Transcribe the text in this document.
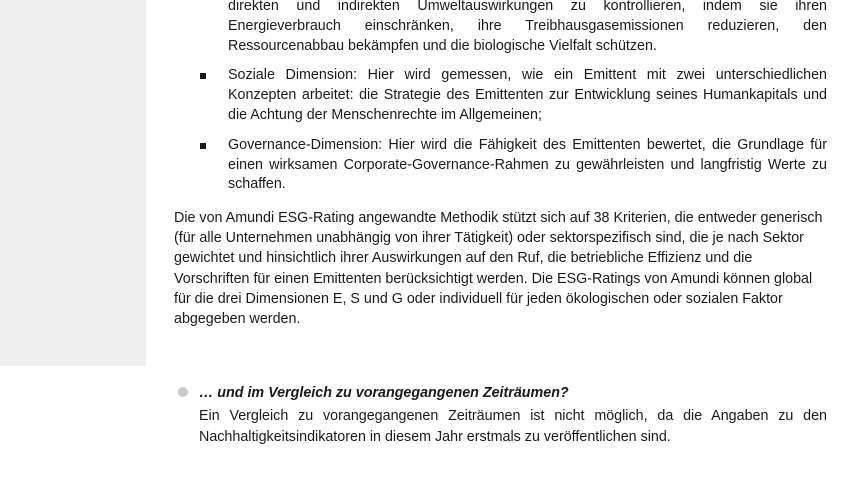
direkten und indirekten Umweltauswirkungen zu kontrollieren, indem sie ihren Energieverbrauch einschränken, ihre Treibhausgasemissionen reduzieren, den Ressourcenabbau bekämpfen und die biologische Vielfalt schützen.
Soziale Dimension: Hier wird gemessen, wie ein Emittent mit zwei unterschiedlichen Konzepten arbeitet: die Strategie des Emittenten zur Entwicklung seines Humankapitals und die Achtung der Menschenrechte im Allgemeinen;
Governance-Dimension: Hier wird die Fähigkeit des Emittenten bewertet, die Grundlage für einen wirksamen Corporate-Governance-Rahmen zu gewährleisten und langfristig Werte zu schaffen.

Die von Amundi ESG-Rating angewandte Methodik stützt sich auf 38 Kriterien, die entweder generisch (für alle Unternehmen unabhängig von ihrer Tätigkeit) oder sektorspezifisch sind, die je nach Sektor gewichtet und hinsichtlich ihrer Auswirkungen auf den Ruf, die betriebliche Effizienz und die Vorschriften für einen Emittenten berücksichtigt werden. Die ESG-Ratings von Amundi können global für die drei Dimensionen E, S und G oder individuell für jeden ökologischen oder sozialen Faktor abgegeben werden.

… und im Vergleich zu vorangegangenen Zeiträumen?

Ein Vergleich zu vorangegangenen Zeiträumen ist nicht möglich, da die Angaben zu den Nachhaltigkeitsindikatoren in diesem Jahr erstmals zu veröffentlichen sind.
